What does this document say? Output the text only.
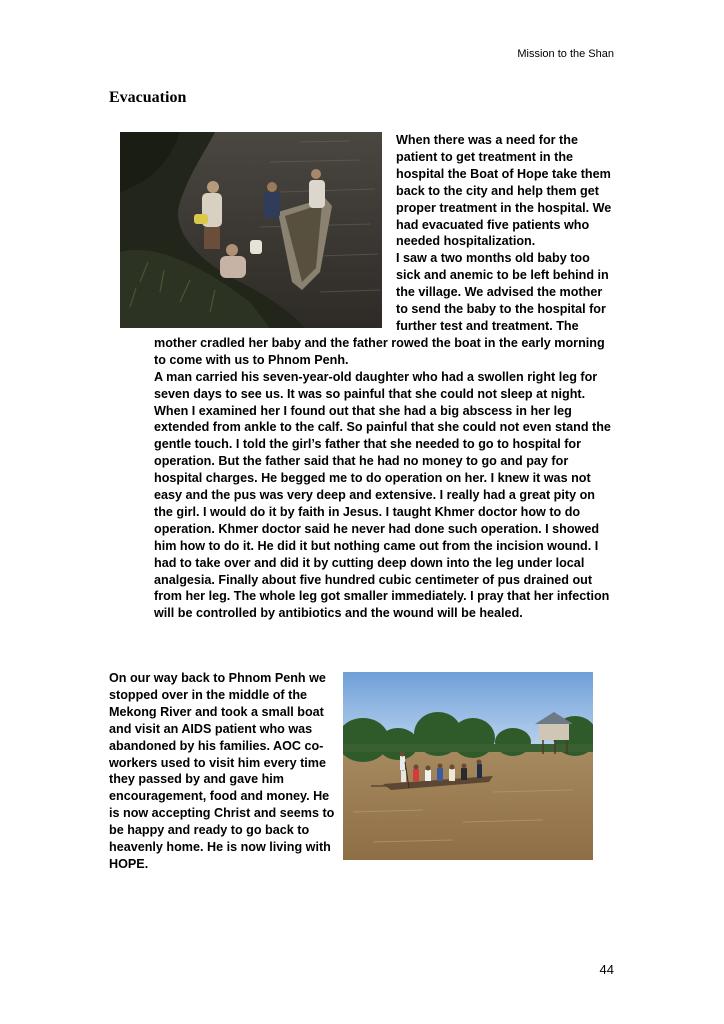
Mission to the Shan
Evacuation

When there was a need for the patient to get treatment in the hospital the Boat of Hope take them back to the city and help them get proper treatment in the hospital. We had evacuated five patients who needed hospitalization.

I saw a two months old baby too sick and anemic to be left behind in the village. We advised the mother to send the baby to the hospital for further test and treatment. The mother cradled her baby and the father rowed the boat in the early morning to come with us to Phnom Penh.

A man carried his seven-year-old daughter who had a swollen right leg for seven days to see us. It was so painful that she could not sleep at night. When I examined her I found out that she had a big abscess in her leg extended from ankle to the calf. So painful that she could not even stand the gentle touch. I told the girl’s father that she needed to go to hospital for operation. But the father said that he had no money to go and pay for hospital charges. He begged me to do operation on her. I knew it was not easy and the pus was very deep and extensive. I really had a great pity on the girl. I would do it by faith in Jesus. I taught Khmer doctor how to do operation. Khmer doctor said he never had done such operation. I showed him how to do it. He did it but nothing came out from the incision wound. I had to take over and did it by cutting deep down into the leg under local analgesia. Finally about five hundred cubic centimeter of pus drained out from her leg. The whole leg got smaller immediately. I pray that her infection will be controlled by antibiotics and the wound will be healed.

On our way back to Phnom Penh we stopped over in the middle of the Mekong River and took a small boat and visit an AIDS patient who was abandoned by his families. AOC co-workers used to visit him every time they passed by and gave him encouragement, food and money. He is now accepting Christ and seems to be happy and ready to go back to heavenly home. He is now living with HOPE.

44
